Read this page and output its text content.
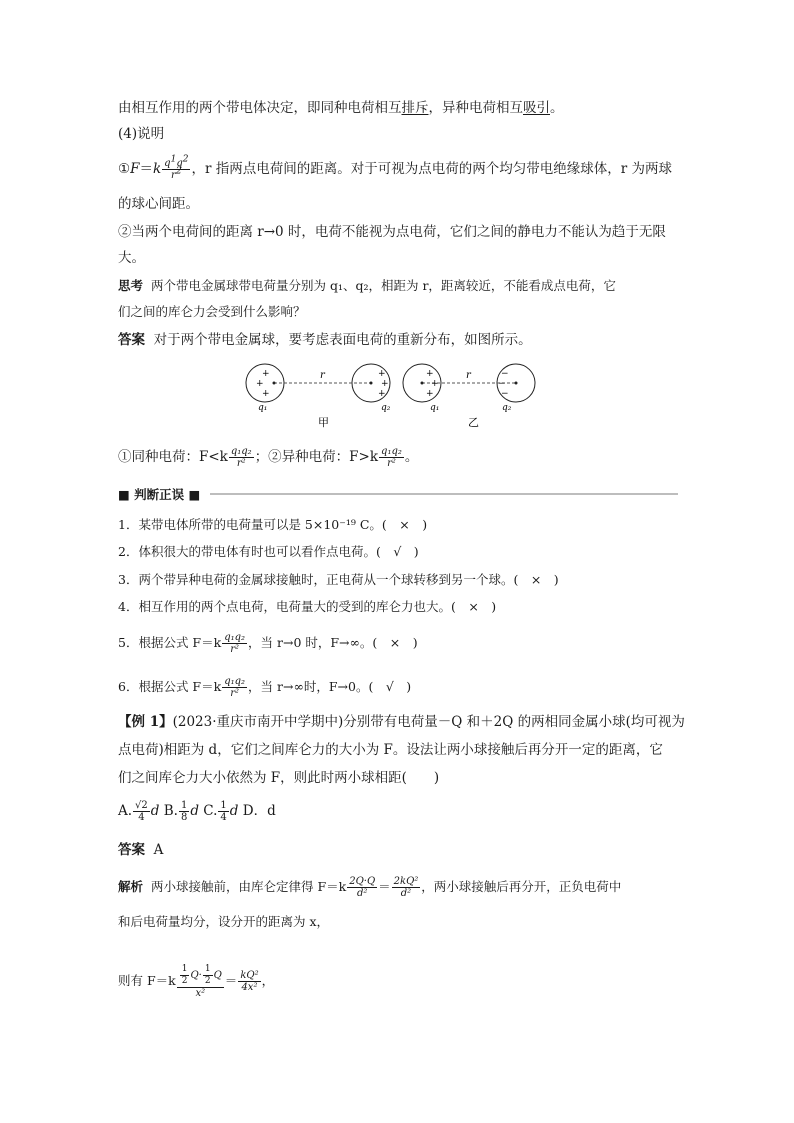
由相互作用的两个带电体决定，即同种电荷相互排斥，异种电荷相互吸引。
(4)说明
①F＝k $\frac{q^1q^2}{r^2}$ ，r 指两点电荷间的距离。对于可视为点电荷的两个均匀带电绝缘球体，r 为两球
的球心间距。
②当两个电荷间的距离 r→0 时，电荷不能视为点电荷，它们之间的静电力不能认为趋于无限
大。
思考 两个带电金属球带电荷量分别为 q₁、q₂，相距为 r，距离较近，不能看成点电荷，它
们之间的库仑力会受到什么影响？
答案 对于两个带电金属球，要考虑表面电荷的重新分布，如图所示。
+
+
+
+
+
+
r
q₁	q₂
甲
+
+
+
−
−
−
r
q₁	q₂
乙
①同种电荷：$F<k \frac{\text{q₁q₂}}{\text{r²}}$ ；②异种电荷：$F>k \frac{\text{q₁q₂}}{\text{r²}}$ 。
■ 判断正误 ■
1．某带电体所带的电荷量可以是 5×10⁻¹⁹ C。(　×　)
2．体积很大的带电体有时也可以看作点电荷。(　√　)
3．两个带异种电荷的金属球接触时，正电荷从一个球转移到另一个球。(　×　)
4．相互作用的两个点电荷，电荷量大的受到的库仑力也大。(　×　)
5．根据公式 $F=k \frac{\text{q₁q₂}}{\text{r²}}$ ，当 r→0 时，F→∞。(　×　)
6．根据公式 $F=k \frac{\text{q₁q₂}}{\text{r²}}$ ，当 r→∞时，F→0。(　√　)
【例 1】(2023·重庆市南开中学期中)分别带有电荷量－Q 和＋2Q 的两相同金属小球(均可视为
点电荷)相距为 d，它们之间库仑力的大小为 F。设法让两小球接触后再分开一定的距离，它
们之间库仑力大小依然为 F，则此时两小球相距(　　)
A. $\frac{√2}{4}$ d B. $\frac{1}{8}$ d C. $\frac{1}{4}$ d D．d
答案 A
解析 两小球接触前，由库仑定律得 $F=k \frac{2Q\cdot Q}{\text{d²}} = \frac{\text{2kQ²}}{\text{d²}}$ ，两小球接触后再分开，正负电荷中
和后电荷量均分，设分开的距离为 x，
则有 $F=k \frac{\frac{1}{2} Q\cdot \frac{1}{2} Q}{\text{x²}} = \frac{\text{kQ²}}{\text{4x²}}$ ，
